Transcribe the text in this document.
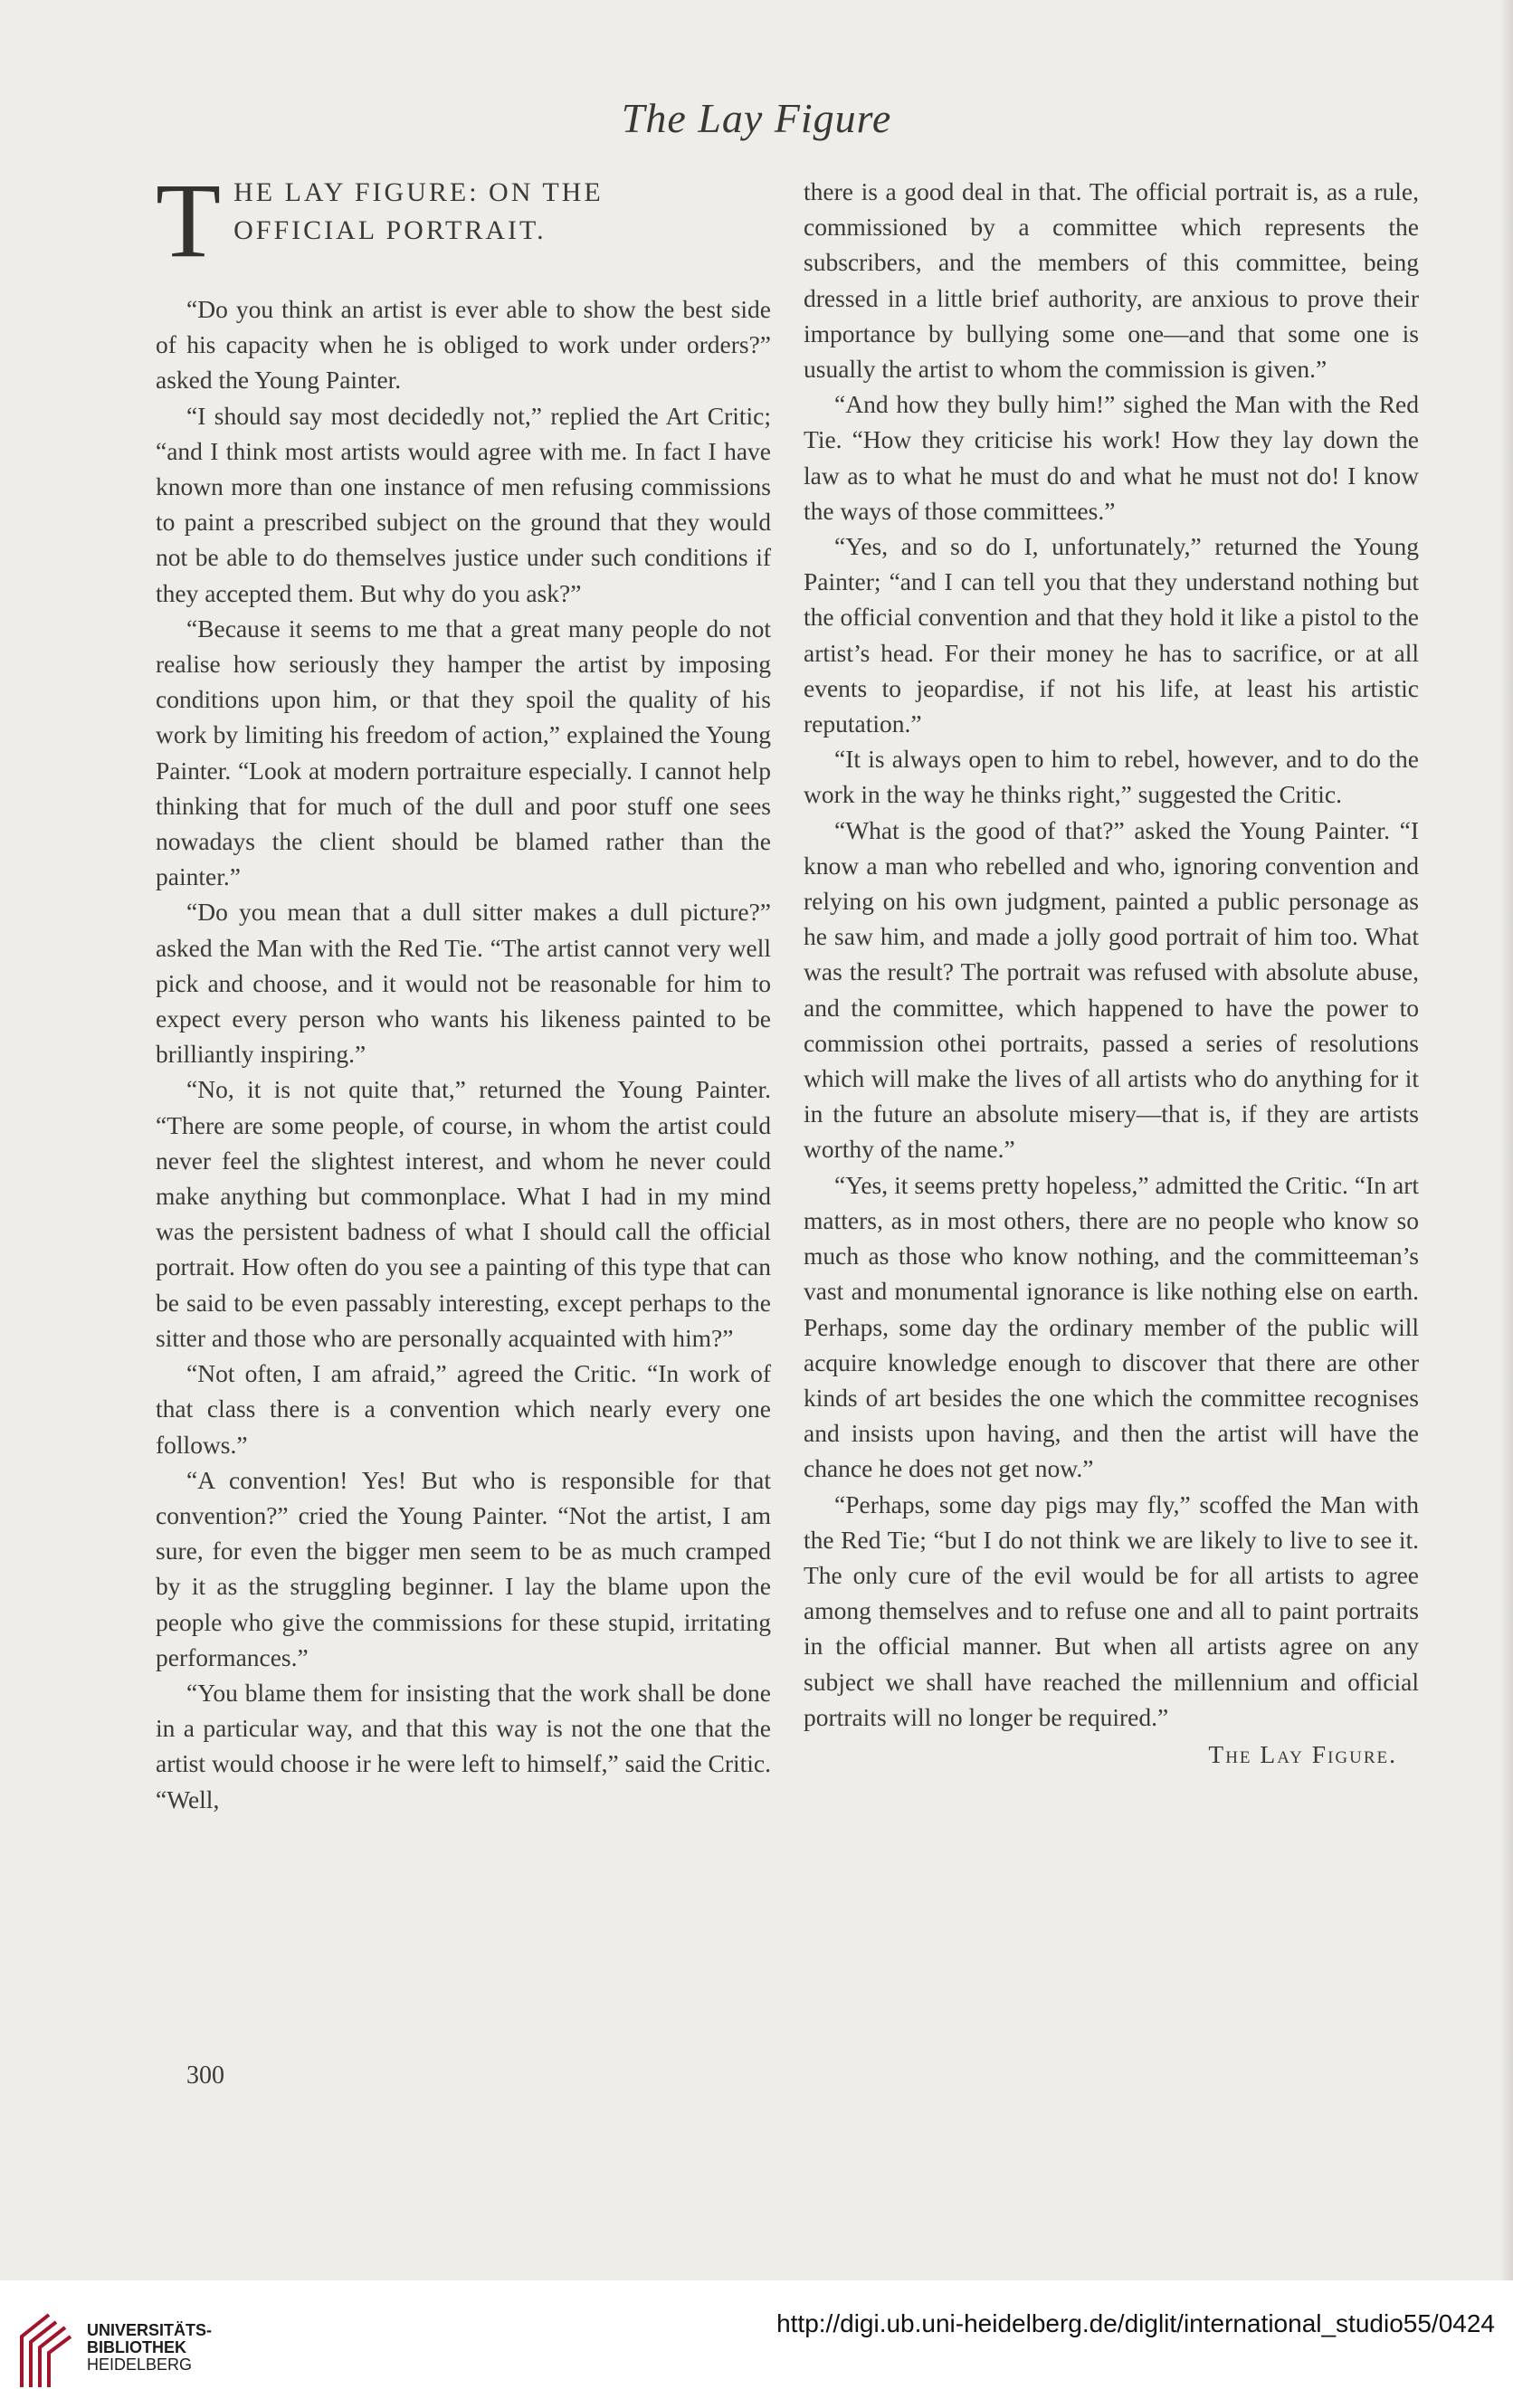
The Lay Figure
T HE LAY FIGURE: ON THE
OFFICIAL PORTRAIT.

“Do you think an artist is ever able to show the best side of his capacity when he is obliged to work under orders?” asked the Young Painter.

“I should say most decidedly not,” replied the Art Critic; “and I think most artists would agree with me. In fact I have known more than one instance of men refusing commissions to paint a prescribed subject on the ground that they would not be able to do themselves justice under such conditions if they accepted them. But why do you ask?”

“Because it seems to me that a great many people do not realise how seriously they hamper the artist by imposing conditions upon him, or that they spoil the quality of his work by limiting his freedom of action,” explained the Young Painter. “Look at modern portraiture especially. I cannot help thinking that for much of the dull and poor stuff one sees nowadays the client should be blamed rather than the painter.”

“Do you mean that a dull sitter makes a dull picture?” asked the Man with the Red Tie. “The artist cannot very well pick and choose, and it would not be reasonable for him to expect every person who wants his likeness painted to be brilliantly inspiring.”

“No, it is not quite that,” returned the Young Painter. “There are some people, of course, in whom the artist could never feel the slightest interest, and whom he never could make anything but commonplace. What I had in my mind was the persistent badness of what I should call the official portrait. How often do you see a painting of this type that can be said to be even passably interesting, except perhaps to the sitter and those who are personally acquainted with him?”

“Not often, I am afraid,” agreed the Critic. “In work of that class there is a convention which nearly every one follows.”

“A convention! Yes! But who is responsible for that convention?” cried the Young Painter. “Not the artist, I am sure, for even the bigger men seem to be as much cramped by it as the struggling beginner. I lay the blame upon the people who give the commissions for these stupid, irritating performances.”

“You blame them for insisting that the work shall be done in a particular way, and that this way is not the one that the artist would choose ir he were left to himself,” said the Critic. “Well,

there is a good deal in that. The official portrait is, as a rule, commissioned by a committee which represents the subscribers, and the members of this committee, being dressed in a little brief authority, are anxious to prove their importance by bullying some one—and that some one is usually the artist to whom the commission is given.”

“And how they bully him!” sighed the Man with the Red Tie. “How they criticise his work! How they lay down the law as to what he must do and what he must not do! I know the ways of those committees.”

“Yes, and so do I, unfortunately,” returned the Young Painter; “and I can tell you that they understand nothing but the official convention and that they hold it like a pistol to the artist’s head. For their money he has to sacrifice, or at all events to jeopardise, if not his life, at least his artistic reputation.”

“It is always open to him to rebel, however, and to do the work in the way he thinks right,” suggested the Critic.

“What is the good of that?” asked the Young Painter. “I know a man who rebelled and who, ignoring convention and relying on his own judgment, painted a public personage as he saw him, and made a jolly good portrait of him too. What was the result? The portrait was refused with absolute abuse, and the committee, which happened to have the power to commission othei portraits, passed a series of resolutions which will make the lives of all artists who do anything for it in the future an absolute misery—that is, if they are artists worthy of the name.”

“Yes, it seems pretty hopeless,” admitted the Critic. “In art matters, as in most others, there are no people who know so much as those who know nothing, and the committeeman’s vast and monumental ignorance is like nothing else on earth. Perhaps, some day the ordinary member of the public will acquire knowledge enough to discover that there are other kinds of art besides the one which the committee recognises and insists upon having, and then the artist will have the chance he does not get now.”

“Perhaps, some day pigs may fly,” scoffed the Man with the Red Tie; “but I do not think we are likely to live to see it. The only cure of the evil would be for all artists to agree among themselves and to refuse one and all to paint portraits in the official manner. But when all artists agree on any subject we shall have reached the millennium and official portraits will no longer be required.”

The Lay Figure.
300
UNIVERSITÄTS-
BIBLIOTHEK
HEIDELBERG
http://digi.ub.uni-heidelberg.de/diglit/international_studio55/0424
